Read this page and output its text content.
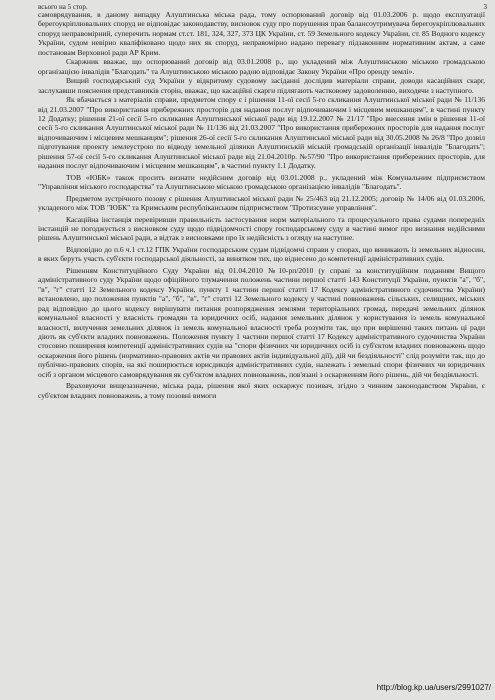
всього на 5 стор.	3

самоврядування, в даному випадку Алуштинська міська рада, тому оспорюваний договір від 01.03.2006 р. щодо експлуатації берегоукріплювальних споруд не відповідає законодавству, висновок суду про порушення прав балансоутримувача берегоукріплювальних споруд неправомірний, суперечить нормам ст.ст. 181, 324, 327, 373 ЦК України, ст. 59 Земельного кодексу України, ст. 85 Водного кодексу України, судом невірно кваліфіковано щодо них як споруд, неправомірно надано перевагу підзаконним нормативним актам, а саме постановам Верховної ради АР Крим.

Скаржник вважає, що оспорюваний договір від 03.01.2008 р., що укладений між Алуштинською міською громадською організацією інвалідів "Благодать" та Алуштинською міською радою відповідає Закону України «Про оренду землі».

Вищий господарський суд України у відкритому судовому засіданні дослідив матеріали справи, доводи касаційних скарг, заслухавши пояснення представників сторін, вважає, що касаційні скарги підлягають частковому задоволенню, виходячи з наступного.

Як вбачається з матеріалів справи, предметом спору є і рішення 11-ої сесії 5-го скликання Алуштинської міської ради № 11/136 від 21.03.2007 "Про використання прибережних просторів для надання послуг відпочиваючим і місцевим мешканцям", в частині пункту 12 Додатку; рішення 21-ої сесії 5-го скликання Алуштинської міської ради від 19.12.2007 № 21/17 "Про внесення змін в рішення 11-ої сесії 5-го скликання Алуштинської міської ради № 11/136 від 21.03.2007 "Про використання прибережних просторів для надання послуг відпочиваючим і місцевим мешканцям"; рішення 26-ої сесії 5-го скликання Алуштинської міської ради від 30.05.2008 № 26/8 "Про дозвіл підготування проекту землеустрою по відводу земельної ділянки Алуштинській міській громадській організації інвалідів "Благодать"; рішення 57-ої сесії 5-го скликання Алуштинської міської ради від 21.04.2010р. №57/90 "Про використання прибережних просторів, для надання послуг відпочиваючим і місцевим мешканцям", в частині пункту 1.1 Додатку.

ТОВ «ЮБК» також просить визнати недійсним договір від 03.01.2008 р., укладений між Комунальним підприємством "Управління міського господарства" та Алуштинською міською громадською організацією інвалідів "Благодать".

Предметом зустрічного позову є рішення Алуштинської міської ради № 25/463 від 21.12.2005; договір № 14/06 від 01.03.2006, укладеного між ТОВ "ЮБК" та Кримським республіканським підприємством "Протизсувне управління".

Касаційна інстанція перевіривши правильність застосування норм матеріального та процесуального права судами попередніх інстанцій не погоджується з висновком суду щодо підвідомчості спору господарському суду в частині вимог про визнання недійсними рішень Алуштинської міської ради, а відтак з висновками про їх недійсність з огляду на наступне.

Відповідно до п.6 ч.1 ст.12 ГПК України господарським судам підвідомчі справи у спорах, що виникають із земельних відносин, в яких беруть участь суб'єкти господарської діяльності, за винятком тих, що віднесено до компетенції адміністративних судів.

Рішенням Конституційного Суду України від 01.04.2010 №10-рп/2010 (у справі за конституційним поданням Вищого адміністративного суду України щодо офіційного тлумачення положень частини першої статті 143 Конституції України, пунктів "а", "б", "в", "г" статті 12 Земельного кодексу України, пункту 1 частини першої статті 17 Кодексу адміністративного судочинства України) встановлено, що положення пунктів "а", "б", "в", "г" статті 12 Земельного кодексу у частині повноважень сільських, селищних, міських рад відповідно до цього кодексу вирішувати питання розпорядження землями територіальних громад, передачі земельних ділянок комунальної власності у власність громадян та юридичних осіб, надання земельних ділянок у користування із земель комунальної власності, вилучення земельних ділянок із земель комунальної власності треба розуміти так, що при вирішенні таких питань ці ради діють як суб'єкти владних повноважень. Положення пункту 1 частини першої статті 17 Кодексу адміністративного судочинства України стосовно поширення компетенції адміністративних судів на "спори фізичних чи юридичних осіб із суб'єктом владних повноважень щодо оскарження його рішень (нормативно-правових актів чи правових актів індивідуальної дії), дій чи бездіяльності" слід розуміти так, що до публічно-правових спорів, на які поширюється юрисдикція адміністративних судів, належать і земельні спори фізичних чи юридичних осіб з органом місцевого самоврядування як суб'єктом владних повноважень, пов'язані з оскарженням його рішень, дій чи бездіяльності.

Враховуючи вищезазначене, міська рада, рішення якої яких оскаржує позивач, згідно з чинним законодавством України, є суб'єктом владних повноважень, а тому позовні вимоги

http://blog.kp.ua/users/2991027/
